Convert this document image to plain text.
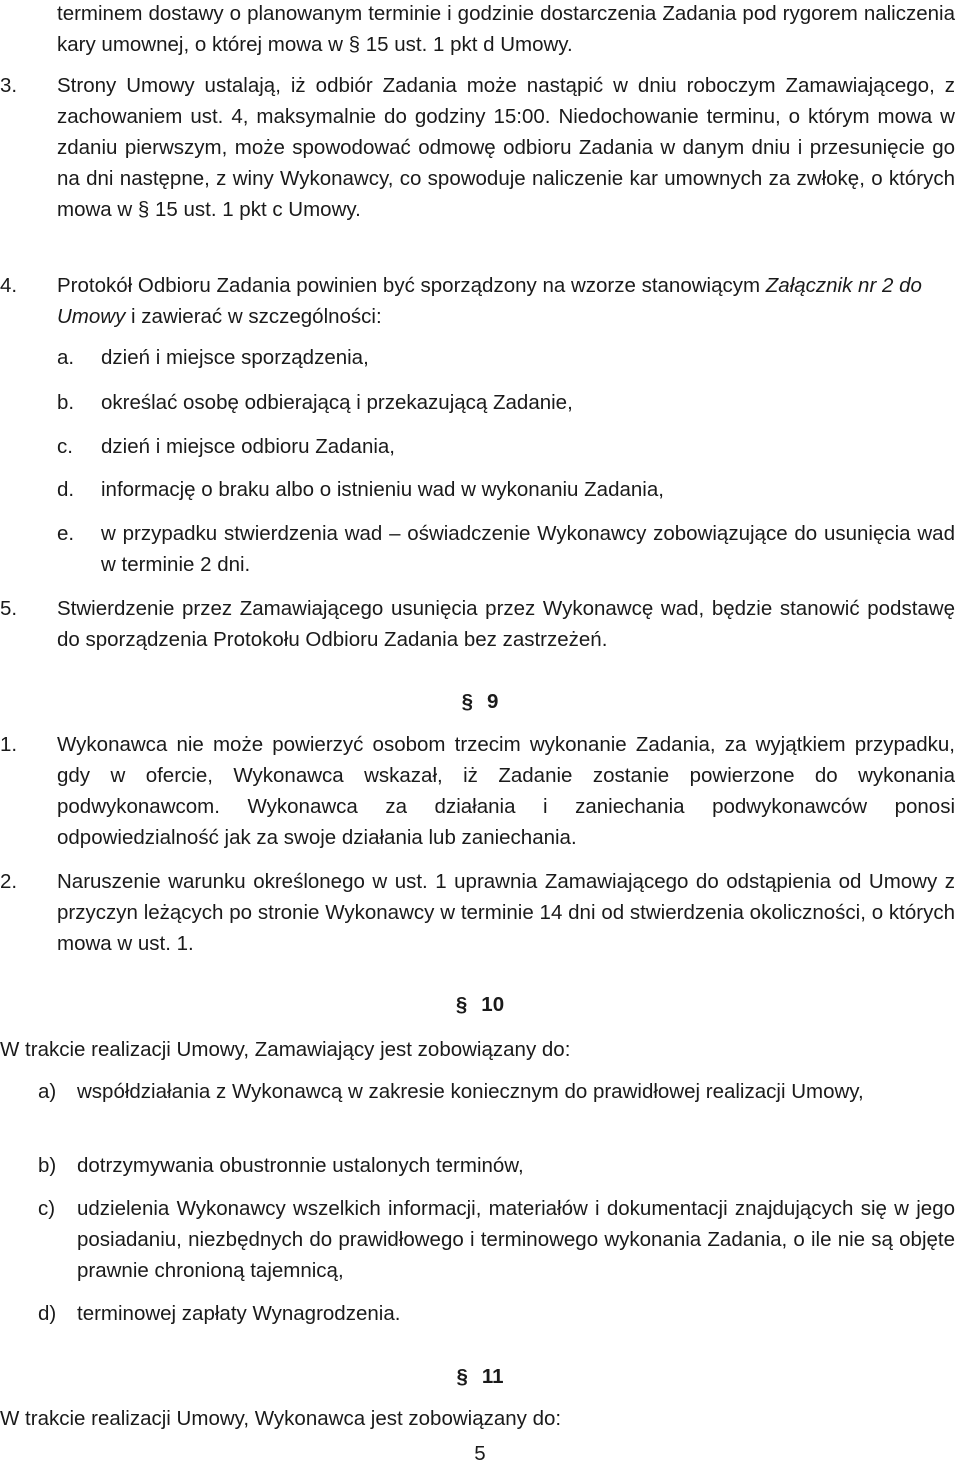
terminem dostawy o planowanym terminie i godzinie dostarczenia Zadania pod rygorem naliczenia kary umownej, o której mowa w § 15 ust. 1 pkt d Umowy.
3.	Strony Umowy ustalają, iż odbiór Zadania może nastąpić w dniu roboczym Zamawiającego, z zachowaniem ust. 4, maksymalnie do godziny 15:00. Niedochowanie terminu, o którym mowa w zdaniu pierwszym, może spowodować odmowę odbioru Zadania w danym dniu i przesunięcie go na dni następne, z winy Wykonawcy, co spowoduje naliczenie kar umownych za zwłokę, o których mowa w § 15 ust. 1 pkt c Umowy.
4.	Protokół Odbioru Zadania powinien być sporządzony na wzorze stanowiącym Załącznik nr 2 do Umowy i zawierać w szczególności:
a.	dzień i miejsce sporządzenia,
b.	określać osobę odbierającą i przekazującą Zadanie,
c.	dzień i miejsce odbioru Zadania,
d.	informację o braku albo o istnieniu wad w wykonaniu Zadania,
e.	w przypadku stwierdzenia wad – oświadczenie Wykonawcy zobowiązujące do usunięcia wad w terminie 2 dni.
5.	Stwierdzenie przez Zamawiającego usunięcia przez Wykonawcę wad, będzie stanowić podstawę do sporządzenia Protokołu Odbioru Zadania bez zastrzeżeń.
§ 9
1.	Wykonawca nie może powierzyć osobom trzecim wykonanie Zadania, za wyjątkiem przypadku, gdy w ofercie, Wykonawca wskazał, iż Zadanie zostanie powierzone do wykonania podwykonawcom. Wykonawca za działania i zaniechania podwykonawców ponosi odpowiedzialność jak za swoje działania lub zaniechania.
2.	Naruszenie warunku określonego w ust. 1 uprawnia Zamawiającego do odstąpienia od Umowy z przyczyn leżących po stronie Wykonawcy w terminie 14 dni od stwierdzenia okoliczności, o których mowa w ust. 1.
§ 10
W trakcie realizacji Umowy, Zamawiający jest zobowiązany do:
a)	współdziałania z Wykonawcą w zakresie koniecznym do prawidłowej realizacji Umowy,
b)	dotrzymywania obustronnie ustalonych terminów,
c)	udzielenia Wykonawcy wszelkich informacji, materiałów i dokumentacji znajdujących się w jego posiadaniu, niezbędnych do prawidłowego i terminowego wykonania Zadania, o ile nie są objęte prawnie chronioną tajemnicą,
d)	terminowej zapłaty Wynagrodzenia.
§ 11
W trakcie realizacji Umowy, Wykonawca jest zobowiązany do:
5
